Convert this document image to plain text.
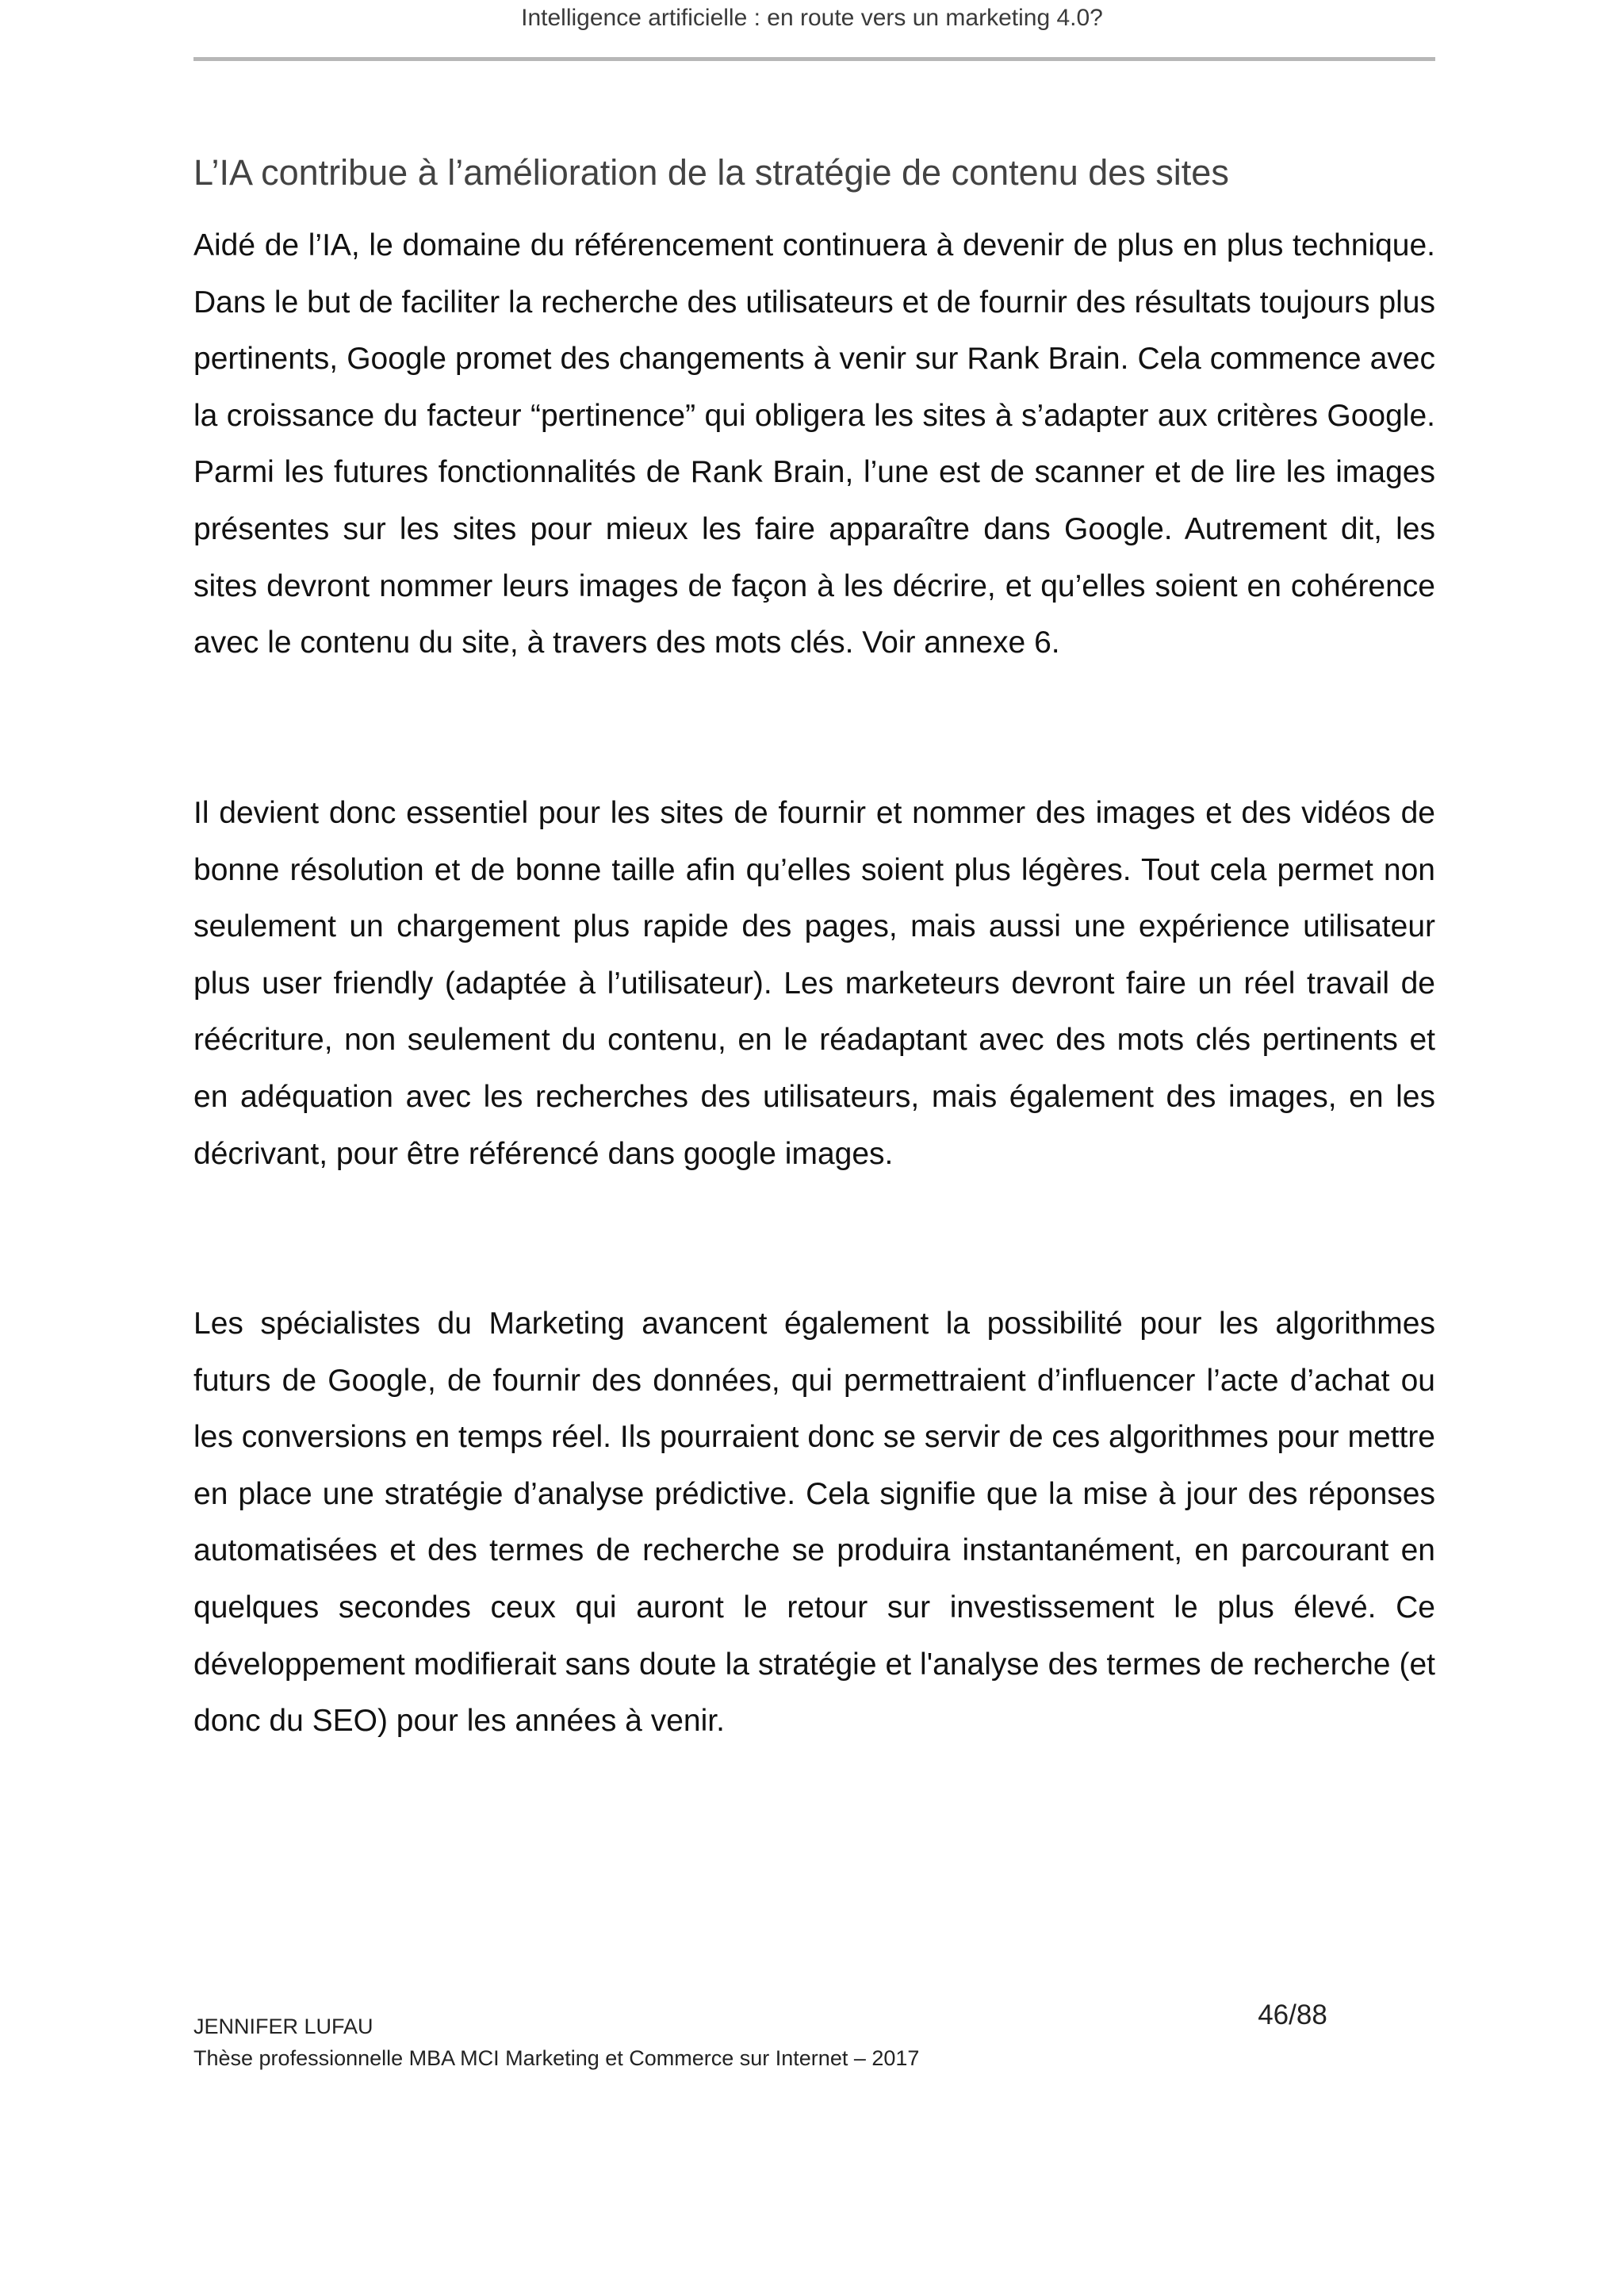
Intelligence artificielle : en route vers un marketing 4.0?
L’IA contribue à l’amélioration de la stratégie de contenu des sites

Aidé de l’IA, le domaine du référencement continuera à devenir de plus en plus technique. Dans le but de faciliter la recherche des utilisateurs et de fournir des résultats toujours plus pertinents, Google promet des changements à venir sur Rank Brain. Cela commence avec la croissance du facteur “pertinence” qui obligera les sites à s’adapter aux critères Google. Parmi les futures fonctionnalités de Rank Brain, l’une est de scanner et de lire les images présentes sur les sites pour mieux les faire apparaître dans Google. Autrement dit, les sites devront nommer leurs images de façon à les décrire, et qu’elles soient en cohérence avec le contenu du site, à travers des mots clés. Voir annexe 6.

Il devient donc essentiel pour les sites de fournir et nommer des images et des vidéos de bonne résolution et de bonne taille afin qu’elles soient plus légères. Tout cela permet non seulement un chargement plus rapide des pages, mais aussi une expérience utilisateur plus user friendly (adaptée à l’utilisateur). Les marketeurs devront faire un réel travail de réécriture, non seulement du contenu, en le réadaptant avec des mots clés pertinents et en adéquation avec les recherches des utilisateurs, mais également des images, en les décrivant, pour être référencé dans google images.

Les spécialistes du Marketing avancent également la possibilité pour les algorithmes futurs de Google, de fournir des données, qui permettraient d’influencer l’acte d’achat ou les conversions en temps réel. Ils pourraient donc se servir de ces algorithmes pour mettre en place une stratégie d’analyse prédictive. Cela signifie que la mise à jour des réponses automatisées et des termes de recherche se produira instantanément, en parcourant en quelques secondes ceux qui auront le retour sur investissement le plus élevé. Ce développement modifierait sans doute la stratégie et l'analyse des termes de recherche (et donc du SEO) pour les années à venir.

JENNIFER LUFAU	46/88
Thèse professionnelle MBA MCI Marketing et Commerce sur Internet – 2017
